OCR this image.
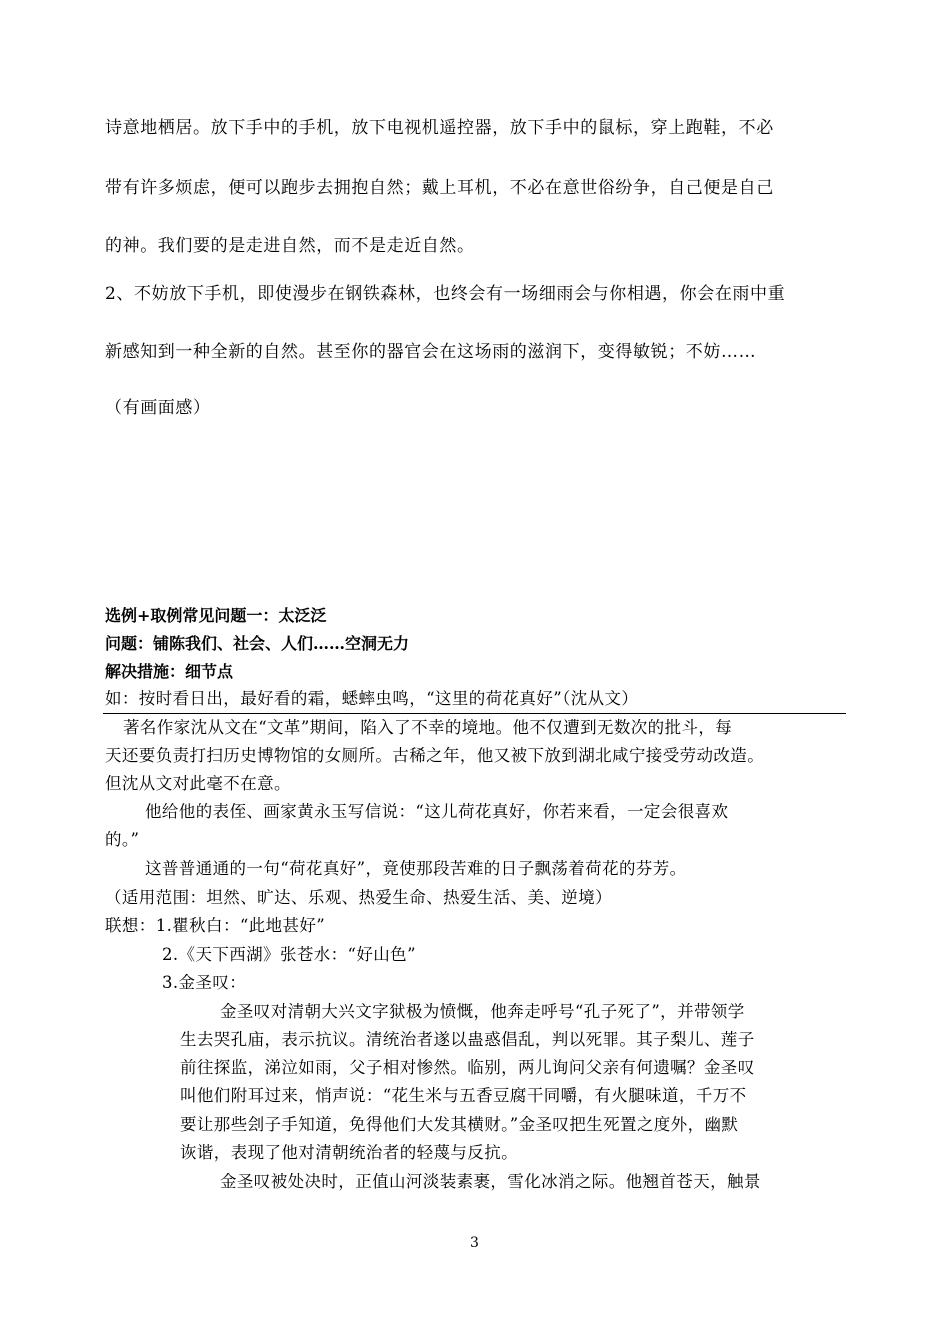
诗意地栖居。放下手中的手机，放下电视机遥控器，放下手中的鼠标，穿上跑鞋，不必
带有许多烦虑，便可以跑步去拥抱自然；戴上耳机，不必在意世俗纷争，自己便是自己
的神。我们要的是走进自然，而不是走近自然。
2、不妨放下手机，即使漫步在钢铁森林，也终会有一场细雨会与你相遇，你会在雨中重
新感知到一种全新的自然。甚至你的器官会在这场雨的滋润下，变得敏锐；不妨……
（有画面感）
选例+取例常见问题一：太泛泛
问题：铺陈我们、社会、人们……空洞无力
解决措施：细节点
如：按时看日出，最好看的霜，蟋蟀虫鸣，“这里的荷花真好”（沈从文）
著名作家沈从文在“文革”期间，陷入了不幸的境地。他不仅遭到无数次的批斗，每
天还要负责打扫历史博物馆的女厕所。古稀之年，他又被下放到湖北咸宁接受劳动改造。
但沈从文对此毫不在意。
他给他的表侄、画家黄永玉写信说：“这儿荷花真好，你若来看，一定会很喜欢
的。”
这普普通通的一句“荷花真好”，竟使那段苦难的日子飘荡着荷花的芬芳。
（适用范围：坦然、旷达、乐观、热爱生命、热爱生活、美、逆境）
联想：1.瞿秋白：“此地甚好”
2.《天下西湖》张苍水：“好山色”
3.金圣叹：
金圣叹对清朝大兴文字狱极为愤慨，他奔走呼号“孔子死了”，并带领学
生去哭孔庙，表示抗议。清统治者遂以蛊惑倡乱，判以死罪。其子梨儿、莲子
前往探监，涕泣如雨，父子相对惨然。临别，两儿询问父亲有何遗嘱？金圣叹
叫他们附耳过来，悄声说：“花生米与五香豆腐干同嚼，有火腿味道，千万不
要让那些刽子手知道，免得他们大发其横财。”金圣叹把生死置之度外，幽默
诙谐，表现了他对清朝统治者的轻蔑与反抗。
金圣叹被处决时，正值山河淡装素裹，雪化冰消之际。他翘首苍天，触景
3
